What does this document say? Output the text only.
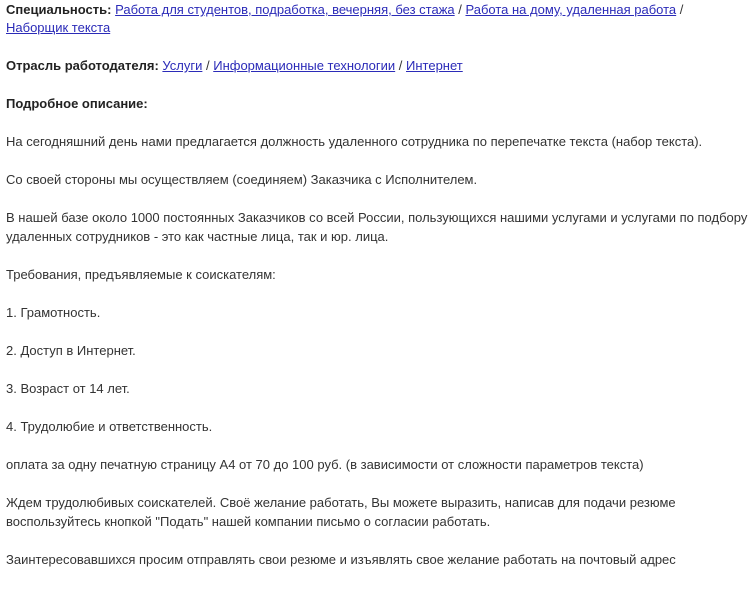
Специальность: Работа для студентов, подработка, вечерняя, без стажа / Работа на дому, удаленная работа /
Наборщик текста
Отрасль работодателя: Услуги / Информационные технологии / Интернет
Подробное описание:
На сегодняшний день нами предлагается должность удаленного сотрудника по перепечатке текста (набор текста).
Со своей стороны мы осуществляем (соединяем) Заказчика с Исполнителем.
В нашей базе около 1000 постоянных Заказчиков со всей России, пользующихся нашими услугами и услугами по подбору
удаленных сотрудников - это как частные лица, так и юр. лица.
Требования, предъявляемые к соискателям:
1. Грамотность.
2. Доступ в Интернет.
3. Возраст от 14 лет.
4. Трудолюбие и ответственность.
оплата за одну печатную страницу А4 от 70 до 100 руб. (в зависимости от сложности параметров текста)
Ждем трудолюбивых соискателей. Своё желание работать, Вы можете выразить, написав для подачи резюме
воспользуйтесь кнопкой "Подать" нашей компании письмо о согласии работать.
Заинтересовавшихся просим отправлять свои резюме и изъявлять свое желание работать на почтовый адрес
